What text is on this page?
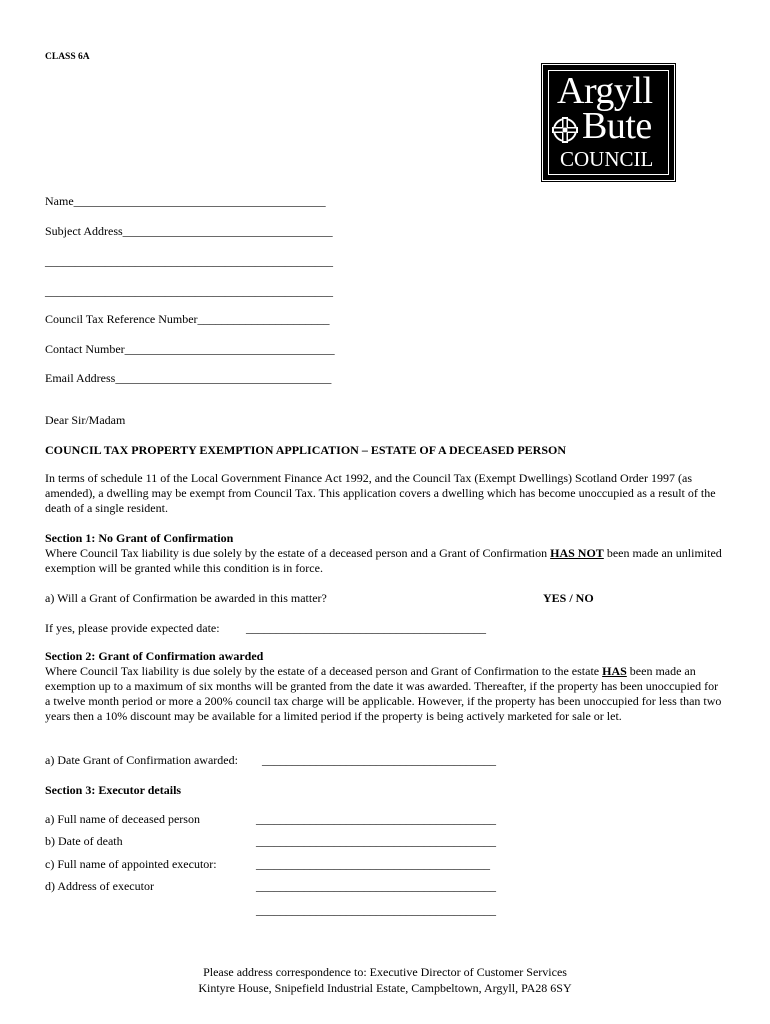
CLASS 6A
Argyll
Bute
COUNCIL
Name__________________________________________
Subject Address___________________________________
________________________________________________
________________________________________________
Council Tax Reference Number______________________
Contact Number___________________________________
Email Address____________________________________
Dear Sir/Madam
COUNCIL TAX PROPERTY EXEMPTION APPLICATION – ESTATE OF A DECEASED PERSON
In terms of schedule 11 of the Local Government Finance Act 1992, and the Council Tax (Exempt Dwellings) Scotland Order 1997 (as amended), a dwelling may be exempt from Council Tax. This application covers a dwelling which has become unoccupied as a result of the death of a single resident.
Section 1: No Grant of Confirmation
Where Council Tax liability is due solely by the estate of a deceased person and a Grant of Confirmation HAS NOT been made an unlimited exemption will be granted while this condition is in force.
a) Will a Grant of Confirmation be awarded in this matter?	YES / NO
If yes, please provide expected date: ________________________________________
Section 2: Grant of Confirmation awarded
Where Council Tax liability is due solely by the estate of a deceased person and Grant of Confirmation to the estate HAS been made an exemption up to a maximum of six months will be granted from the date it was awarded. Thereafter, if the property has been unoccupied for a twelve month period or more a 200% council tax charge will be applicable. However, if the property has been unoccupied for less than two years then a 10% discount may be available for a limited period if the property is being actively marketed for sale or let.
a) Date Grant of Confirmation awarded: _______________________________________
Section 3: Executor details
a) Full name of deceased person	________________________________________
b) Date of death	________________________________________
c) Full name of appointed executor:	_______________________________________
d) Address of executor	________________________________________
________________________________________
Please address correspondence to: Executive Director of Customer Services
Kintyre House, Snipefield Industrial Estate, Campbeltown, Argyll, PA28 6SY
